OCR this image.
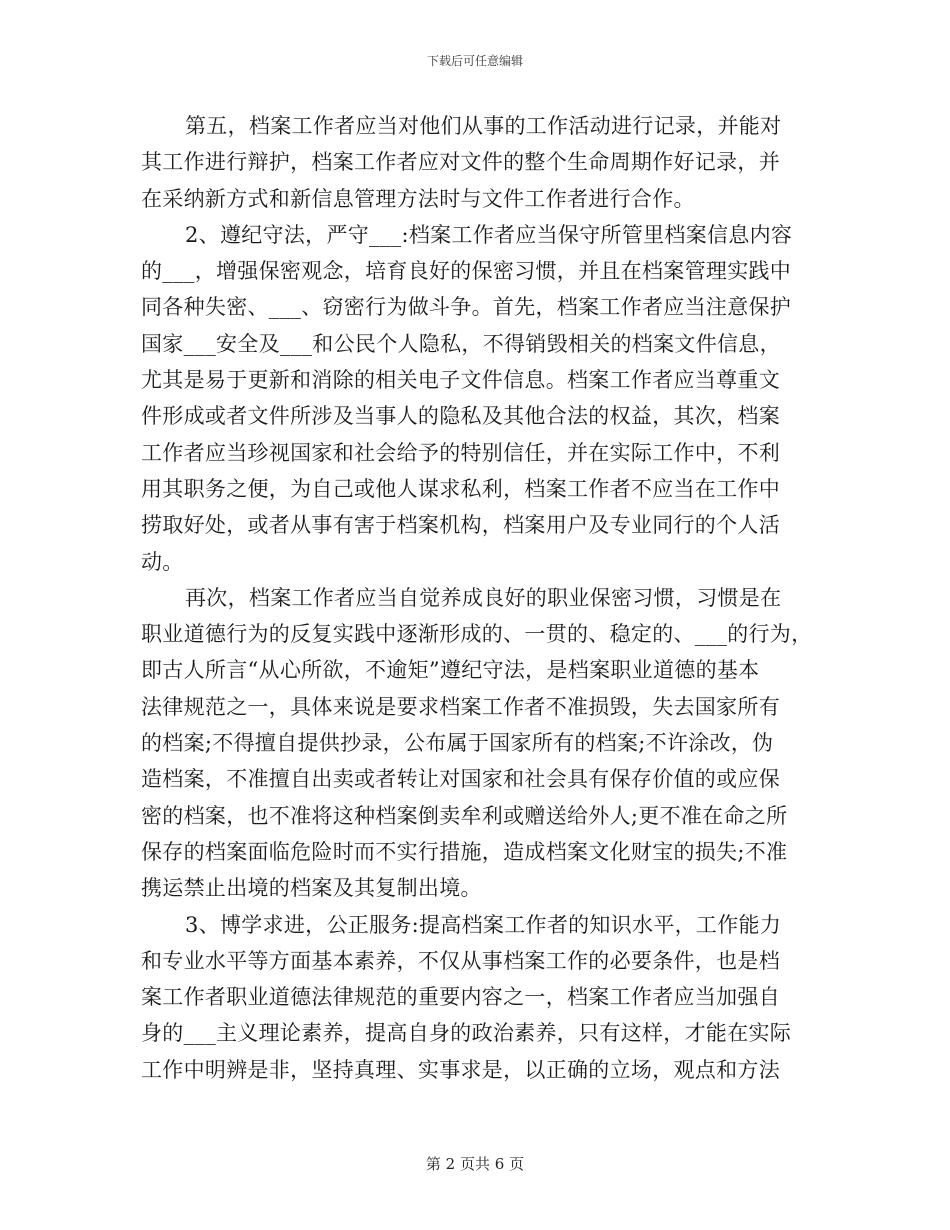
下载后可任意编辑

第五，档案工作者应当对他们从事的工作活动进行记录，并能对
其工作进行辩护，档案工作者应对文件的整个生命周期作好记录，并
在采纳新方式和新信息管理方法时与文件工作者进行合作。

2、遵纪守法，严守___:档案工作者应当保守所管里档案信息内容
的___，增强保密观念，培育良好的保密习惯，并且在档案管理实践中
同各种失密、___、窃密行为做斗争。首先，档案工作者应当注意保护
国家___安全及___和公民个人隐私，不得销毁相关的档案文件信息，
尤其是易于更新和消除的相关电子文件信息。档案工作者应当尊重文
件形成或者文件所涉及当事人的隐私及其他合法的权益，其次，档案
工作者应当珍视国家和社会给予的特别信任，并在实际工作中，不利
用其职务之便，为自己或他人谋求私利，档案工作者不应当在工作中
捞取好处，或者从事有害于档案机构，档案用户及专业同行的个人活
动。

再次，档案工作者应当自觉养成良好的职业保密习惯，习惯是在
职业道德行为的反复实践中逐渐形成的、一贯的、稳定的、___的行为，
即古人所言“从心所欲，不逾矩”遵纪守法，是档案职业道德的基本
法律规范之一，具体来说是要求档案工作者不准损毁，失去国家所有
的档案;不得擅自提供抄录，公布属于国家所有的档案;不许涂改，伪
造档案，不准擅自出卖或者转让对国家和社会具有保存价值的或应保
密的档案，也不准将这种档案倒卖牟利或赠送给外人;更不准在命之所
保存的档案面临危险时而不实行措施，造成档案文化财宝的损失;不准
携运禁止出境的档案及其复制出境。

3、博学求进，公正服务:提高档案工作者的知识水平，工作能力
和专业水平等方面基本素养，不仅从事档案工作的必要条件，也是档
案工作者职业道德法律规范的重要内容之一，档案工作者应当加强自
身的___主义理论素养，提高自身的政治素养，只有这样，才能在实际
工作中明辨是非，坚持真理、实事求是，以正确的立场，观点和方法

第 2 页共 6 页
